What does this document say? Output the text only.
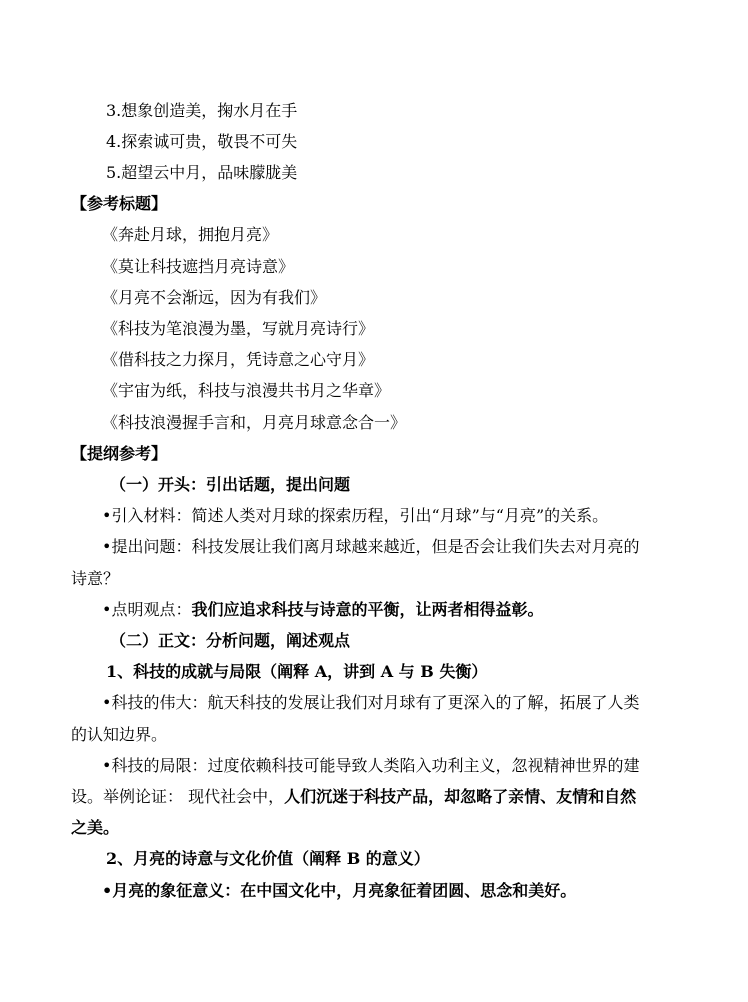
3.想象创造美，掬水月在手
4.探索诚可贵，敬畏不可失
5.超望云中月，品味朦胧美
【参考标题】
《奔赴月球，拥抱月亮》
《莫让科技遮挡月亮诗意》
《月亮不会渐远，因为有我们》
《科技为笔浪漫为墨，写就月亮诗行》
《借科技之力探月，凭诗意之心守月》
《宇宙为纸，科技与浪漫共书月之华章》
《科技浪漫握手言和，月亮月球意念合一》
【提纲参考】
（一）开头：引出话题，提出问题
•引入材料：简述人类对月球的探索历程，引出“月球”与“月亮”的关系。
•提出问题：科技发展让我们离月球越来越近，但是否会让我们失去对月亮的
诗意？
•点明观点：我们应追求科技与诗意的平衡，让两者相得益彰。
（二）正文：分析问题，阐述观点
1、科技的成就与局限（阐释 A，讲到 A 与 B 失衡）
•科技的伟大：航天科技的发展让我们对月球有了更深入的了解，拓展了人类
的认知边界。
•科技的局限：过度依赖科技可能导致人类陷入功利主义，忽视精神世界的建
设。举例论证： 现代社会中，人们沉迷于科技产品，却忽略了亲情、友情和自然
之美。
2、月亮的诗意与文化价值（阐释 B 的意义）
•月亮的象征意义：在中国文化中，月亮象征着团圆、思念和美好。
